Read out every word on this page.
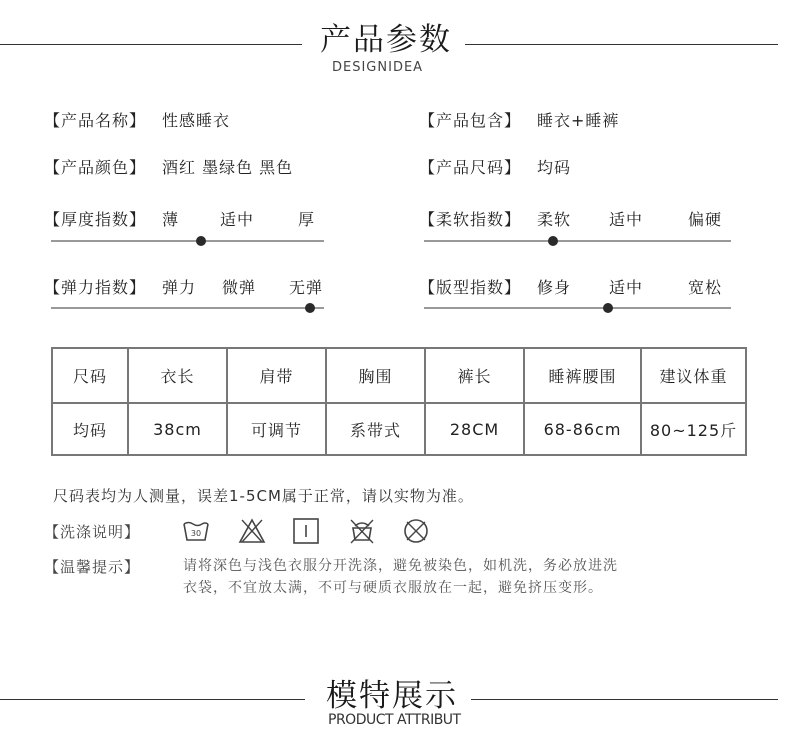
产品参数
DESIGNIDEA
【产品名称】 性感睡衣	【产品包含】 睡衣+睡裤
【产品颜色】 酒红 墨绿色 黑色	【产品尺码】 均码
【厚度指数】 薄	适中	厚	【柔软指数】 柔软 适中	偏硬
【弹力指数】 弹力 微弹 无弹	【版型指数】 修身 适中	宽松
尺码	衣长	肩带	胸围	裤长	睡裤腰围	建议体重
均码	38cm	可调节	系带式	28CM	68-86cm	80~125斤
尺码表均为人测量，误差1-5CM属于正常，请以实物为准。
【洗涤说明】	30
【温馨提示】	请将深色与浅色衣服分开洗涤，避免被染色，如机洗，务必放进洗
衣袋，不宜放太满，不可与硬质衣服放在一起，避免挤压变形。
模特展示
PRODUCT ATTRIBUT
